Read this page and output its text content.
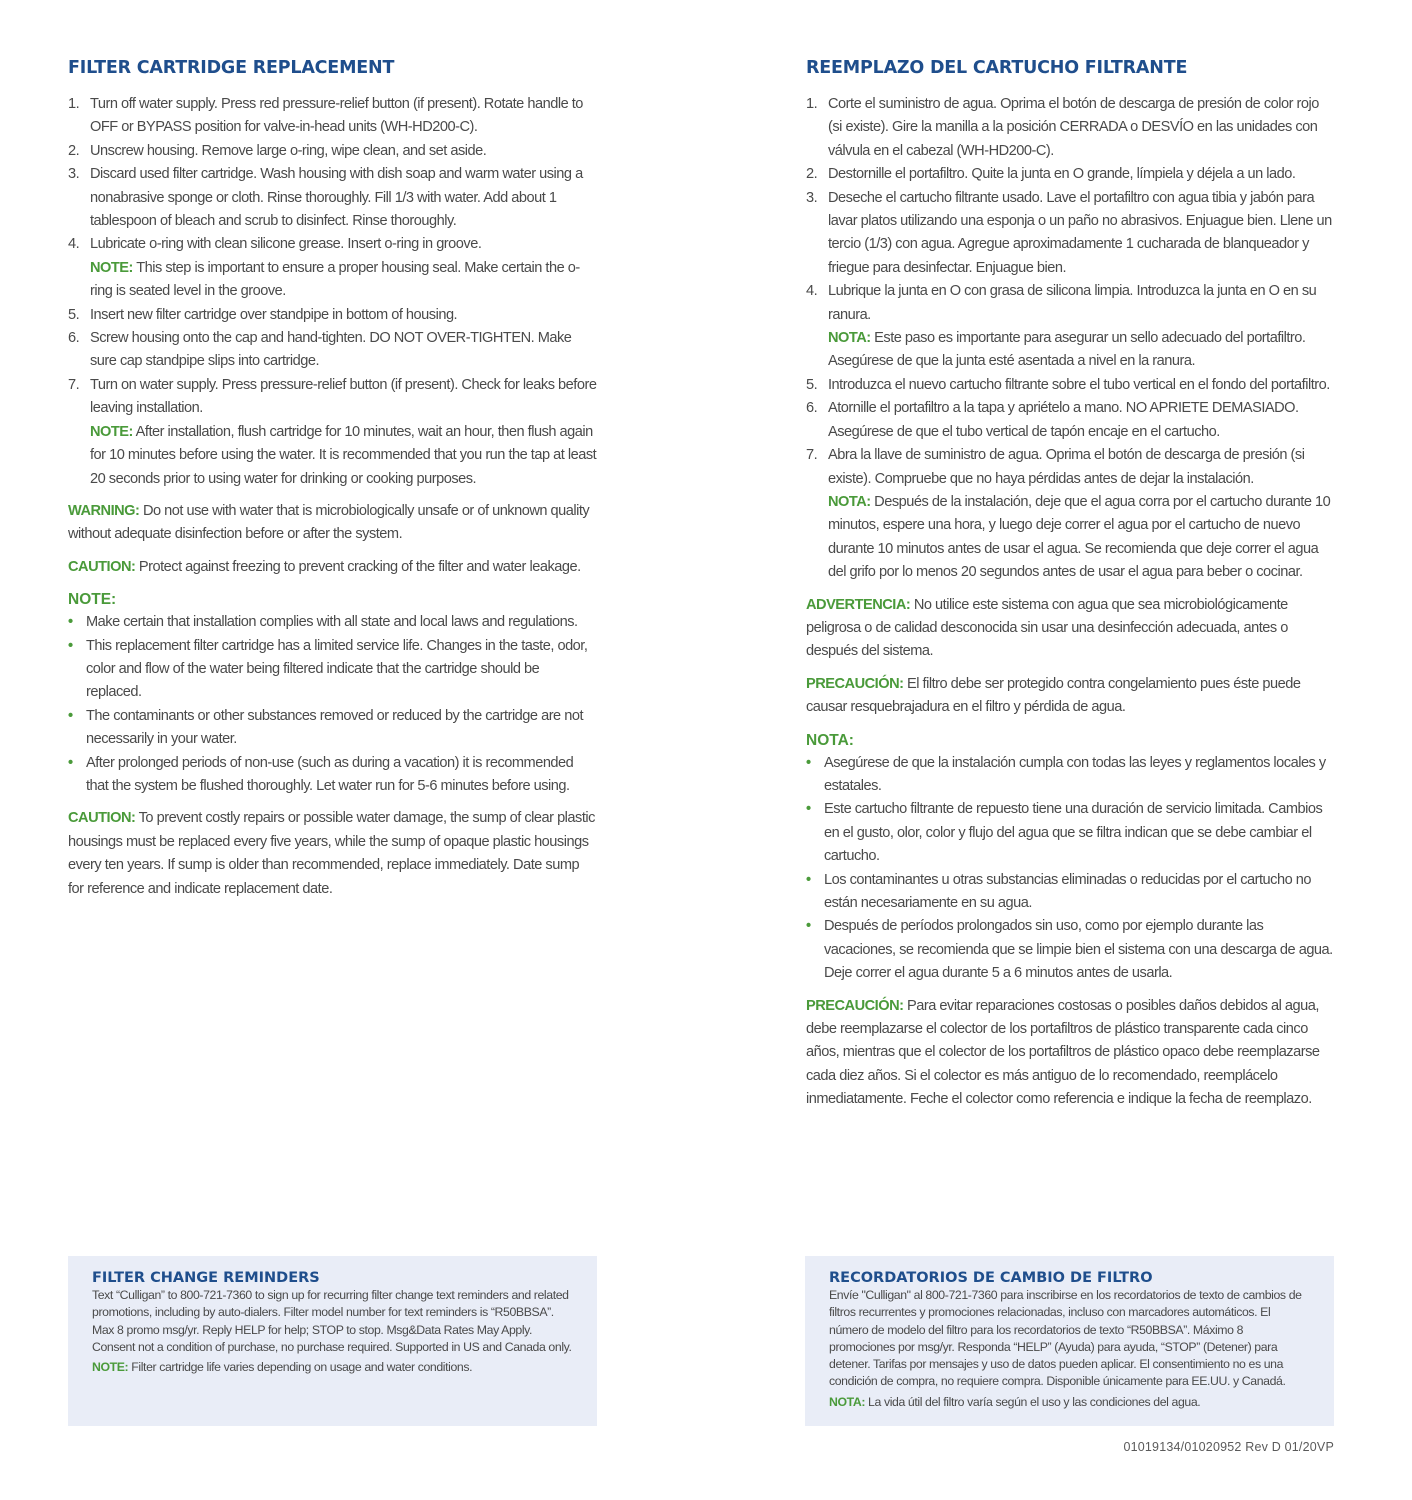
FILTER CARTRIDGE REPLACEMENT
1. Turn off water supply. Press red pressure-relief button (if present). Rotate handle to OFF or BYPASS position for valve-in-head units (WH-HD200-C).
2. Unscrew housing. Remove large o-ring, wipe clean, and set aside.
3. Discard used filter cartridge. Wash housing with dish soap and warm water using a nonabrasive sponge or cloth. Rinse thoroughly. Fill 1/3 with water. Add about 1 tablespoon of bleach and scrub to disinfect. Rinse thoroughly.
4. Lubricate o-ring with clean silicone grease. Insert o-ring in groove.
NOTE: This step is important to ensure a proper housing seal. Make certain the o-ring is seated level in the groove.
5. Insert new filter cartridge over standpipe in bottom of housing.
6. Screw housing onto the cap and hand-tighten. DO NOT OVER-TIGHTEN. Make sure cap standpipe slips into cartridge.
7. Turn on water supply. Press pressure-relief button (if present). Check for leaks before leaving installation.
NOTE: After installation, flush cartridge for 10 minutes, wait an hour, then flush again for 10 minutes before using the water. It is recommended that you run the tap at least 20 seconds prior to using water for drinking or cooking purposes.

WARNING: Do not use with water that is microbiologically unsafe or of unknown quality without adequate disinfection before or after the system.

CAUTION: Protect against freezing to prevent cracking of the filter and water leakage.

NOTE:

• Make certain that installation complies with all state and local laws and regulations.
• This replacement filter cartridge has a limited service life. Changes in the taste, odor, color and flow of the water being filtered indicate that the cartridge should be replaced.
• The contaminants or other substances removed or reduced by the cartridge are not necessarily in your water.
• After prolonged periods of non-use (such as during a vacation) it is recommended that the system be flushed thoroughly. Let water run for 5-6 minutes before using.

CAUTION: To prevent costly repairs or possible water damage, the sump of clear plastic housings must be replaced every five years, while the sump of opaque plastic housings every ten years. If sump is older than recommended, replace immediately. Date sump for reference and indicate replacement date.

REEMPLAZO DEL CARTUCHO FILTRANTE
1. Corte el suministro de agua. Oprima el botón de descarga de presión de color rojo (si existe). Gire la manilla a la posición CERRADA o DESVÍO en las unidades con válvula en el cabezal (WH-HD200-C).
2. Destornille el portafiltro. Quite la junta en O grande, límpiela y déjela a un lado.
3. Deseche el cartucho filtrante usado. Lave el portafiltro con agua tibia y jabón para lavar platos utilizando una esponja o un paño no abrasivos. Enjuague bien. Llene un tercio (1/3) con agua. Agregue aproximadamente 1 cucharada de blanqueador y friegue para desinfectar. Enjuague bien.
4. Lubrique la junta en O con grasa de silicona limpia. Introduzca la junta en O en su ranura.
NOTA: Este paso es importante para asegurar un sello adecuado del portafiltro. Asegúrese de que la junta esté asentada a nivel en la ranura.
5. Introduzca el nuevo cartucho filtrante sobre el tubo vertical en el fondo del portafiltro.
6. Atornille el portafiltro a la tapa y apriételo a mano. NO APRIETE DEMASIADO. Asegúrese de que el tubo vertical de tapón encaje en el cartucho.
7. Abra la llave de suministro de agua. Oprima el botón de descarga de presión (si existe). Compruebe que no haya pérdidas antes de dejar la instalación.
NOTA: Después de la instalación, deje que el agua corra por el cartucho durante 10 minutos, espere una hora, y luego deje correr el agua por el cartucho de nuevo durante 10 minutos antes de usar el agua. Se recomienda que deje correr el agua del grifo por lo menos 20 segundos antes de usar el agua para beber o cocinar.

ADVERTENCIA: No utilice este sistema con agua que sea microbiológicamente peligrosa o de calidad desconocida sin usar una desinfección adecuada, antes o después del sistema.

PRECAUCIÓN: El filtro debe ser protegido contra congelamiento pues éste puede causar resquebrajadura en el filtro y pérdida de agua.

NOTA:

• Asegúrese de que la instalación cumpla con todas las leyes y reglamentos locales y estatales.
• Este cartucho filtrante de repuesto tiene una duración de servicio limitada. Cambios en el gusto, olor, color y flujo del agua que se filtra indican que se debe cambiar el cartucho.
• Los contaminantes u otras substancias eliminadas o reducidas por el cartucho no están necesariamente en su agua.
• Después de períodos prolongados sin uso, como por ejemplo durante las vacaciones, se recomienda que se limpie bien el sistema con una descarga de agua. Deje correr el agua durante 5 a 6 minutos antes de usarla.

PRECAUCIÓN: Para evitar reparaciones costosas o posibles daños debidos al agua, debe reemplazarse el colector de los portafiltros de plástico transparente cada cinco años, mientras que el colector de los portafiltros de plástico opaco debe reemplazarse cada diez años. Si el colector es más antiguo de lo recomendado, reemplácelo inmediatamente. Feche el colector como referencia e indique la fecha de reemplazo.

FILTER CHANGE REMINDERS

Text “Culligan” to 800-721-7360 to sign up for recurring filter change text reminders and related promotions, including by auto-dialers. Filter model number for text reminders is “R50BBSA”. Max 8 promo msg/yr. Reply HELP for help; STOP to stop. Msg&Data Rates May Apply. Consent not a condition of purchase, no purchase required. Supported in US and Canada only.

NOTE: Filter cartridge life varies depending on usage and water conditions.

RECORDATORIOS DE CAMBIO DE FILTRO

Envíe "Culligan" al 800-721-7360 para inscribirse en los recordatorios de texto de cambios de filtros recurrentes y promociones relacionadas, incluso con marcadores automáticos. El número de modelo del filtro para los recordatorios de texto “R50BBSA”. Máximo 8 promociones por msg/yr. Responda “HELP” (Ayuda) para ayuda, “STOP” (Detener) para detener. Tarifas por mensajes y uso de datos pueden aplicar. El consentimiento no es una condición de compra, no requiere compra. Disponible únicamente para EE.UU. y Canadá.

NOTA: La vida útil del filtro varía según el uso y las condiciones del agua.

01019134/01020952 Rev D 01/20VP
